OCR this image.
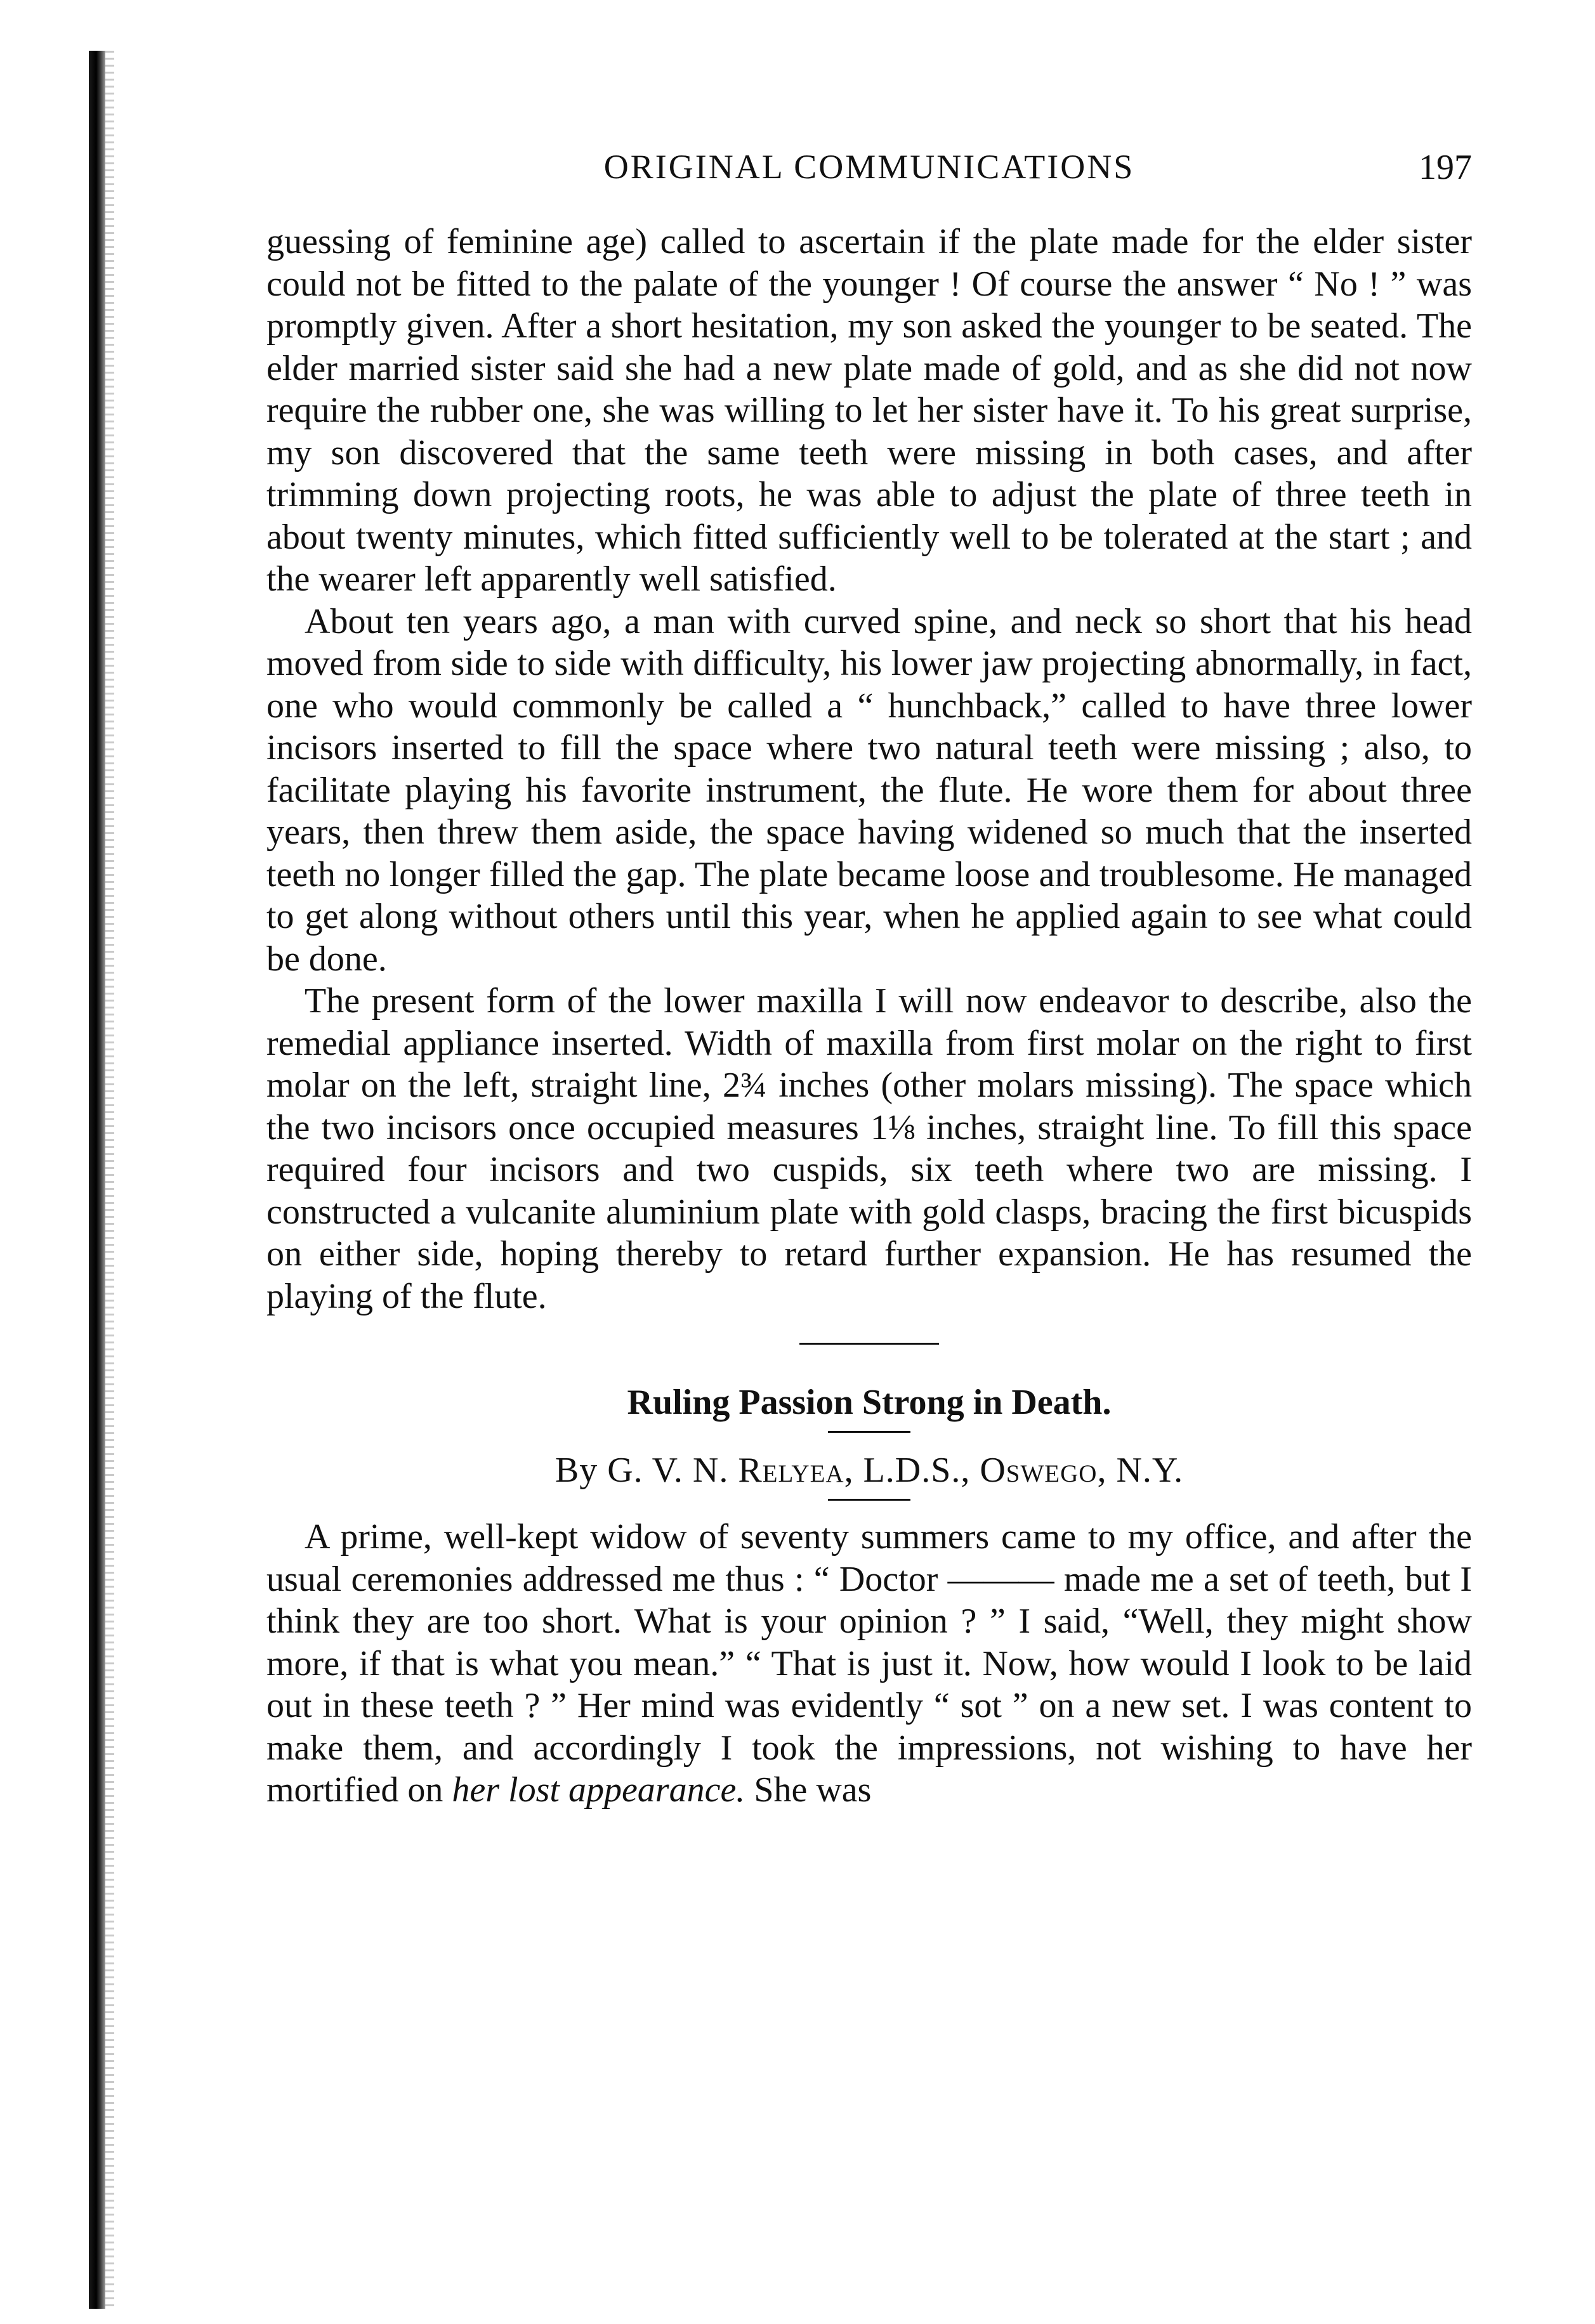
ORIGINAL COMMUNICATIONS	197

guessing of feminine age) called to ascertain if the plate made for the elder sister could not be fitted to the palate of the younger ! Of course the answer “ No ! ” was promptly given. After a short hesitation, my son asked the younger to be seated. The elder married sister said she had a new plate made of gold, and as she did not now require the rubber one, she was willing to let her sister have it. To his great surprise, my son discovered that the same teeth were missing in both cases, and after trimming down projecting roots, he was able to adjust the plate of three teeth in about twenty minutes, which fitted sufficiently well to be tolerated at the start ; and the wearer left apparently well satisfied.

About ten years ago, a man with curved spine, and neck so short that his head moved from side to side with difficulty, his lower jaw projecting abnormally, in fact, one who would commonly be called a “ hunchback,” called to have three lower incisors inserted to fill the space where two natural teeth were missing ; also, to facilitate playing his favorite instrument, the flute. He wore them for about three years, then threw them aside, the space having widened so much that the inserted teeth no longer filled the gap. The plate became loose and troublesome. He managed to get along without others until this year, when he applied again to see what could be done.

The present form of the lower maxilla I will now endeavor to describe, also the remedial appliance inserted. Width of maxilla from first molar on the right to first molar on the left, straight line, 2¾ inches (other molars missing). The space which the two incisors once occupied measures 1⅛ inches, straight line. To fill this space required four incisors and two cuspids, six teeth where two are missing. I constructed a vulcanite aluminium plate with gold clasps, bracing the first bicuspids on either side, hoping thereby to retard further expansion. He has resumed the playing of the flute.

Ruling Passion Strong in Death.

By G. V. N. Relyea, L.D.S., Oswego, N.Y.

A prime, well-kept widow of seventy summers came to my office, and after the usual ceremonies addressed me thus : “ Doctor ——— made me a set of teeth, but I think they are too short. What is your opinion ? ” I said, “Well, they might show more, if that is what you mean.” “ That is just it. Now, how would I look to be laid out in these teeth ? ” Her mind was evidently “ sot ” on a new set. I was content to make them, and accordingly I took the impressions, not wishing to have her mortified on her lost appearance. She was
